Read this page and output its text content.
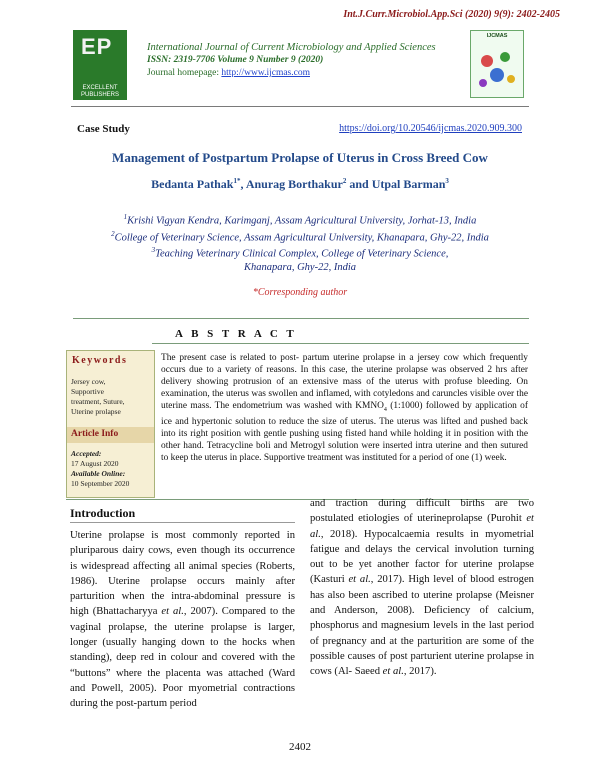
Int.J.Curr.Microbiol.App.Sci (2020) 9(9): 2402-2405
EP
EXCELLENT PUBLISHERS
International Journal of Current Microbiology and Applied Sciences
ISSN: 2319-7706 Volume 9 Number 9 (2020)
Journal homepage: http://www.ijcmas.com
IJCMAS
Case Study	https://doi.org/10.20546/ijcmas.2020.909.300
Management of Postpartum Prolapse of Uterus in Cross Breed Cow
Bedanta Pathak$^{1*}$, Anurag Borthakur$^2$ and Utpal Barman$^3$
$^1$Krishi Vigyan Kendra, Karimganj, Assam Agricultural University, Jorhat-13, India
$^2$College of Veterinary Science, Assam Agricultural University, Khanapara, Ghy-22, India
$^3$Teaching Veterinary Clinical Complex, College of Veterinary Science,
Khanapara, Ghy-22, India
*Corresponding author
A B S T R A C T
Keywords
Jersey cow,
Supportive
treatment, Suture,
Uterine prolapse
Article Info
Accepted:
17 August 2020
Available Online:
10 September 2020
The present case is related to post- partum uterine prolapse in a jersey cow which frequently occurs due to a variety of reasons. In this case, the uterine prolapse was observed 2 hrs after delivery showing protrusion of an extensive mass of the uterus with profuse bleeding. On examination, the uterus was swollen and inflamed, with cotyledons and caruncles visible over the uterine mass. The endometrium was washed with $KMNO_4$ (1:1000) followed by application of ice and hypertonic solution to reduce the size of uterus. The uterus was lifted and pushed back into its right position with gentle pushing using fisted hand while holding it in position with the other hand. Tetracycline boli and Metrogyl solution were inserted intra uterine and then sutured to keep the uterus in place. Supportive treatment was instituted for a period of one (1) week.
Introduction
Uterine prolapse is most commonly reported in pluriparous dairy cows, even though its occurrence is widespread affecting all animal species (Roberts, 1986). Uterine prolapse occurs mainly after parturition when the intra-abdominal pressure is high (Bhattacharyya et al., 2007). Compared to the vaginal prolapse, the uterine prolapse is larger, longer (usually hanging down to the hocks when standing), deep red in colour and covered with the “buttons” where the placenta was attached (Ward and Powell, 2005). Poor myometrial contractions during the post-partum period
and traction during difficult births are two postulated etiologies of uterineprolapse (Purohit et al., 2018). Hypocalcaemia results in myometrial fatigue and delays the cervical involution turning out to be yet another factor for uterine prolapse (Kasturi et al., 2017). High level of blood estrogen has also been ascribed to uterine prolapse (Meisner and Anderson, 2008). Deficiency of calcium, phosphorus and magnesium levels in the last period of pregnancy and at the parturition are some of the possible causes of post parturient uterine prolapse in cows (Al- Saeed et al., 2017).
2402
